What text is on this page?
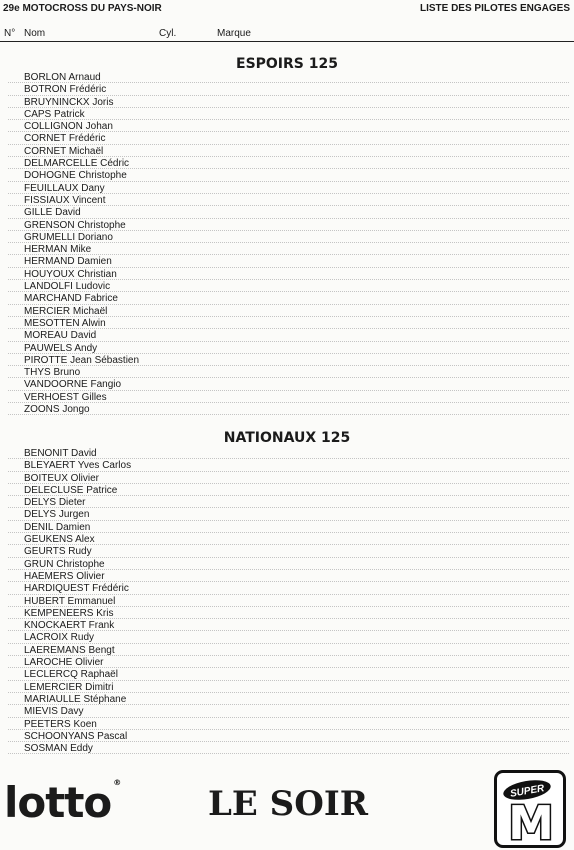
29e MOTOCROSS DU PAYS-NOIR	LISTE DES PILOTES ENGAGES
N° Nom	Cyl.	Marque
ESPOIRS 125
BORLON Arnaud
BOTRON Frédéric
BRUYNINCKX Joris
CAPS Patrick
COLLIGNON Johan
CORNET Frédéric
CORNET Michaël
DELMARCELLE Cédric
DOHOGNE Christophe
FEUILLAUX Dany
FISSIAUX Vincent
GILLE David
GRENSON Christophe
GRUMELLI Doriano
HERMAN Mike
HERMAND Damien
HOUYOUX Christian
LANDOLFI Ludovic
MARCHAND Fabrice
MERCIER Michaël
MESOTTEN Alwin
MOREAU David
PAUWELS Andy
PIROTTE Jean Sébastien
THYS Bruno
VANDOORNE Fangio
VERHOEST Gilles
ZOONS Jongo
NATIONAUX 125
BENONIT David
BLEYAERT Yves Carlos
BOITEUX Olivier
DELECLUSE Patrice
DELYS Dieter
DELYS Jurgen
DENIL Damien
GEUKENS Alex
GEURTS Rudy
GRUN Christophe
HAEMERS Olivier
HARDIQUEST Frédéric
HUBERT Emmanuel
KEMPENEERS Kris
KNOCKAERT Frank
LACROIX Rudy
LAEREMANS Bengt
LAROCHE Olivier
LECLERCQ Raphaël
LEMERCIER Dimitri
MARIAULLE Stéphane
MIEVIS Davy
PEETERS Koen
SCHOONYANS Pascal
SOSMAN Eddy
lotto ®
LE SOIR	SUPER
M
